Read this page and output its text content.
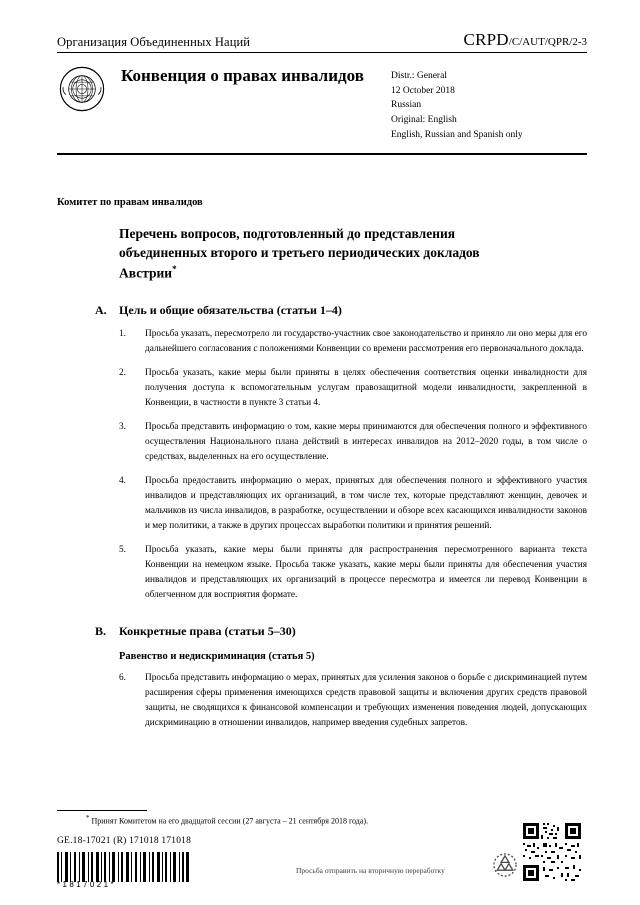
Организация Объединенных Наций	CRPD/C/AUT/QPR/2-3
Конвенция о правах инвалидов	Distr.: General
12 October 2018
Russian
Original: English
English, Russian and Spanish only
Комитет по правам инвалидов
Перечень вопросов, подготовленный до представления объединенных второго и третьего периодических докладов Австрии*
A.	Цель и общие обязательства (статьи 1–4)
1.	Просьба указать, пересмотрело ли государство-участник свое законодательство и приняло ли оно меры для его дальнейшего согласования с положениями Конвенции со времени рассмотрения его первоначального доклада.
2.	Просьба указать, какие меры были приняты в целях обеспечения соответствия оценки инвалидности для получения доступа к вспомогательным услугам правозащитной модели инвалидности, закрепленной в Конвенции, в частности в пункте 3 статьи 4.
3.	Просьба представить информацию о том, какие меры принимаются для обеспечения полного и эффективного осуществления Национального плана действий в интересах инвалидов на 2012–2020 годы, в том числе о средствах, выделенных на его осуществление.
4.	Просьба предоставить информацию о мерах, принятых для обеспечения полного и эффективного участия инвалидов и представляющих их организаций, в том числе тех, которые представляют женщин, девочек и мальчиков из числа инвалидов, в разработке, осуществлении и обзоре всех касающихся инвалидности законов и мер политики, а также в других процессах выработки политики и принятия решений.
5.	Просьба указать, какие меры были приняты для распространения пересмотренного варианта текста Конвенции на немецком языке. Просьба также указать, какие меры были приняты для обеспечения участия инвалидов и представляющих их организаций в процессе пересмотра и имеется ли перевод Конвенции в облегченном для восприятия формате.
B.	Конкретные права (статьи 5–30)
Равенство и недискриминация (статья 5)
6.	Просьба представить информацию о мерах, принятых для усиления законов о борьбе с дискриминацией путем расширения сферы применения имеющихся средств правовой защиты и включения других средств правовой защиты, не сводящихся к финансовой компенсации и требующих изменения поведения людей, допускающих дискриминацию в отношении инвалидов, например введения судебных запретов.
* Принят Комитетом на его двадцатой сессии (27 августа – 21 сентября 2018 года).
GE.18-17021 (R) 171018 171018
*1817021*
Просьба отправить на вторичную переработку
